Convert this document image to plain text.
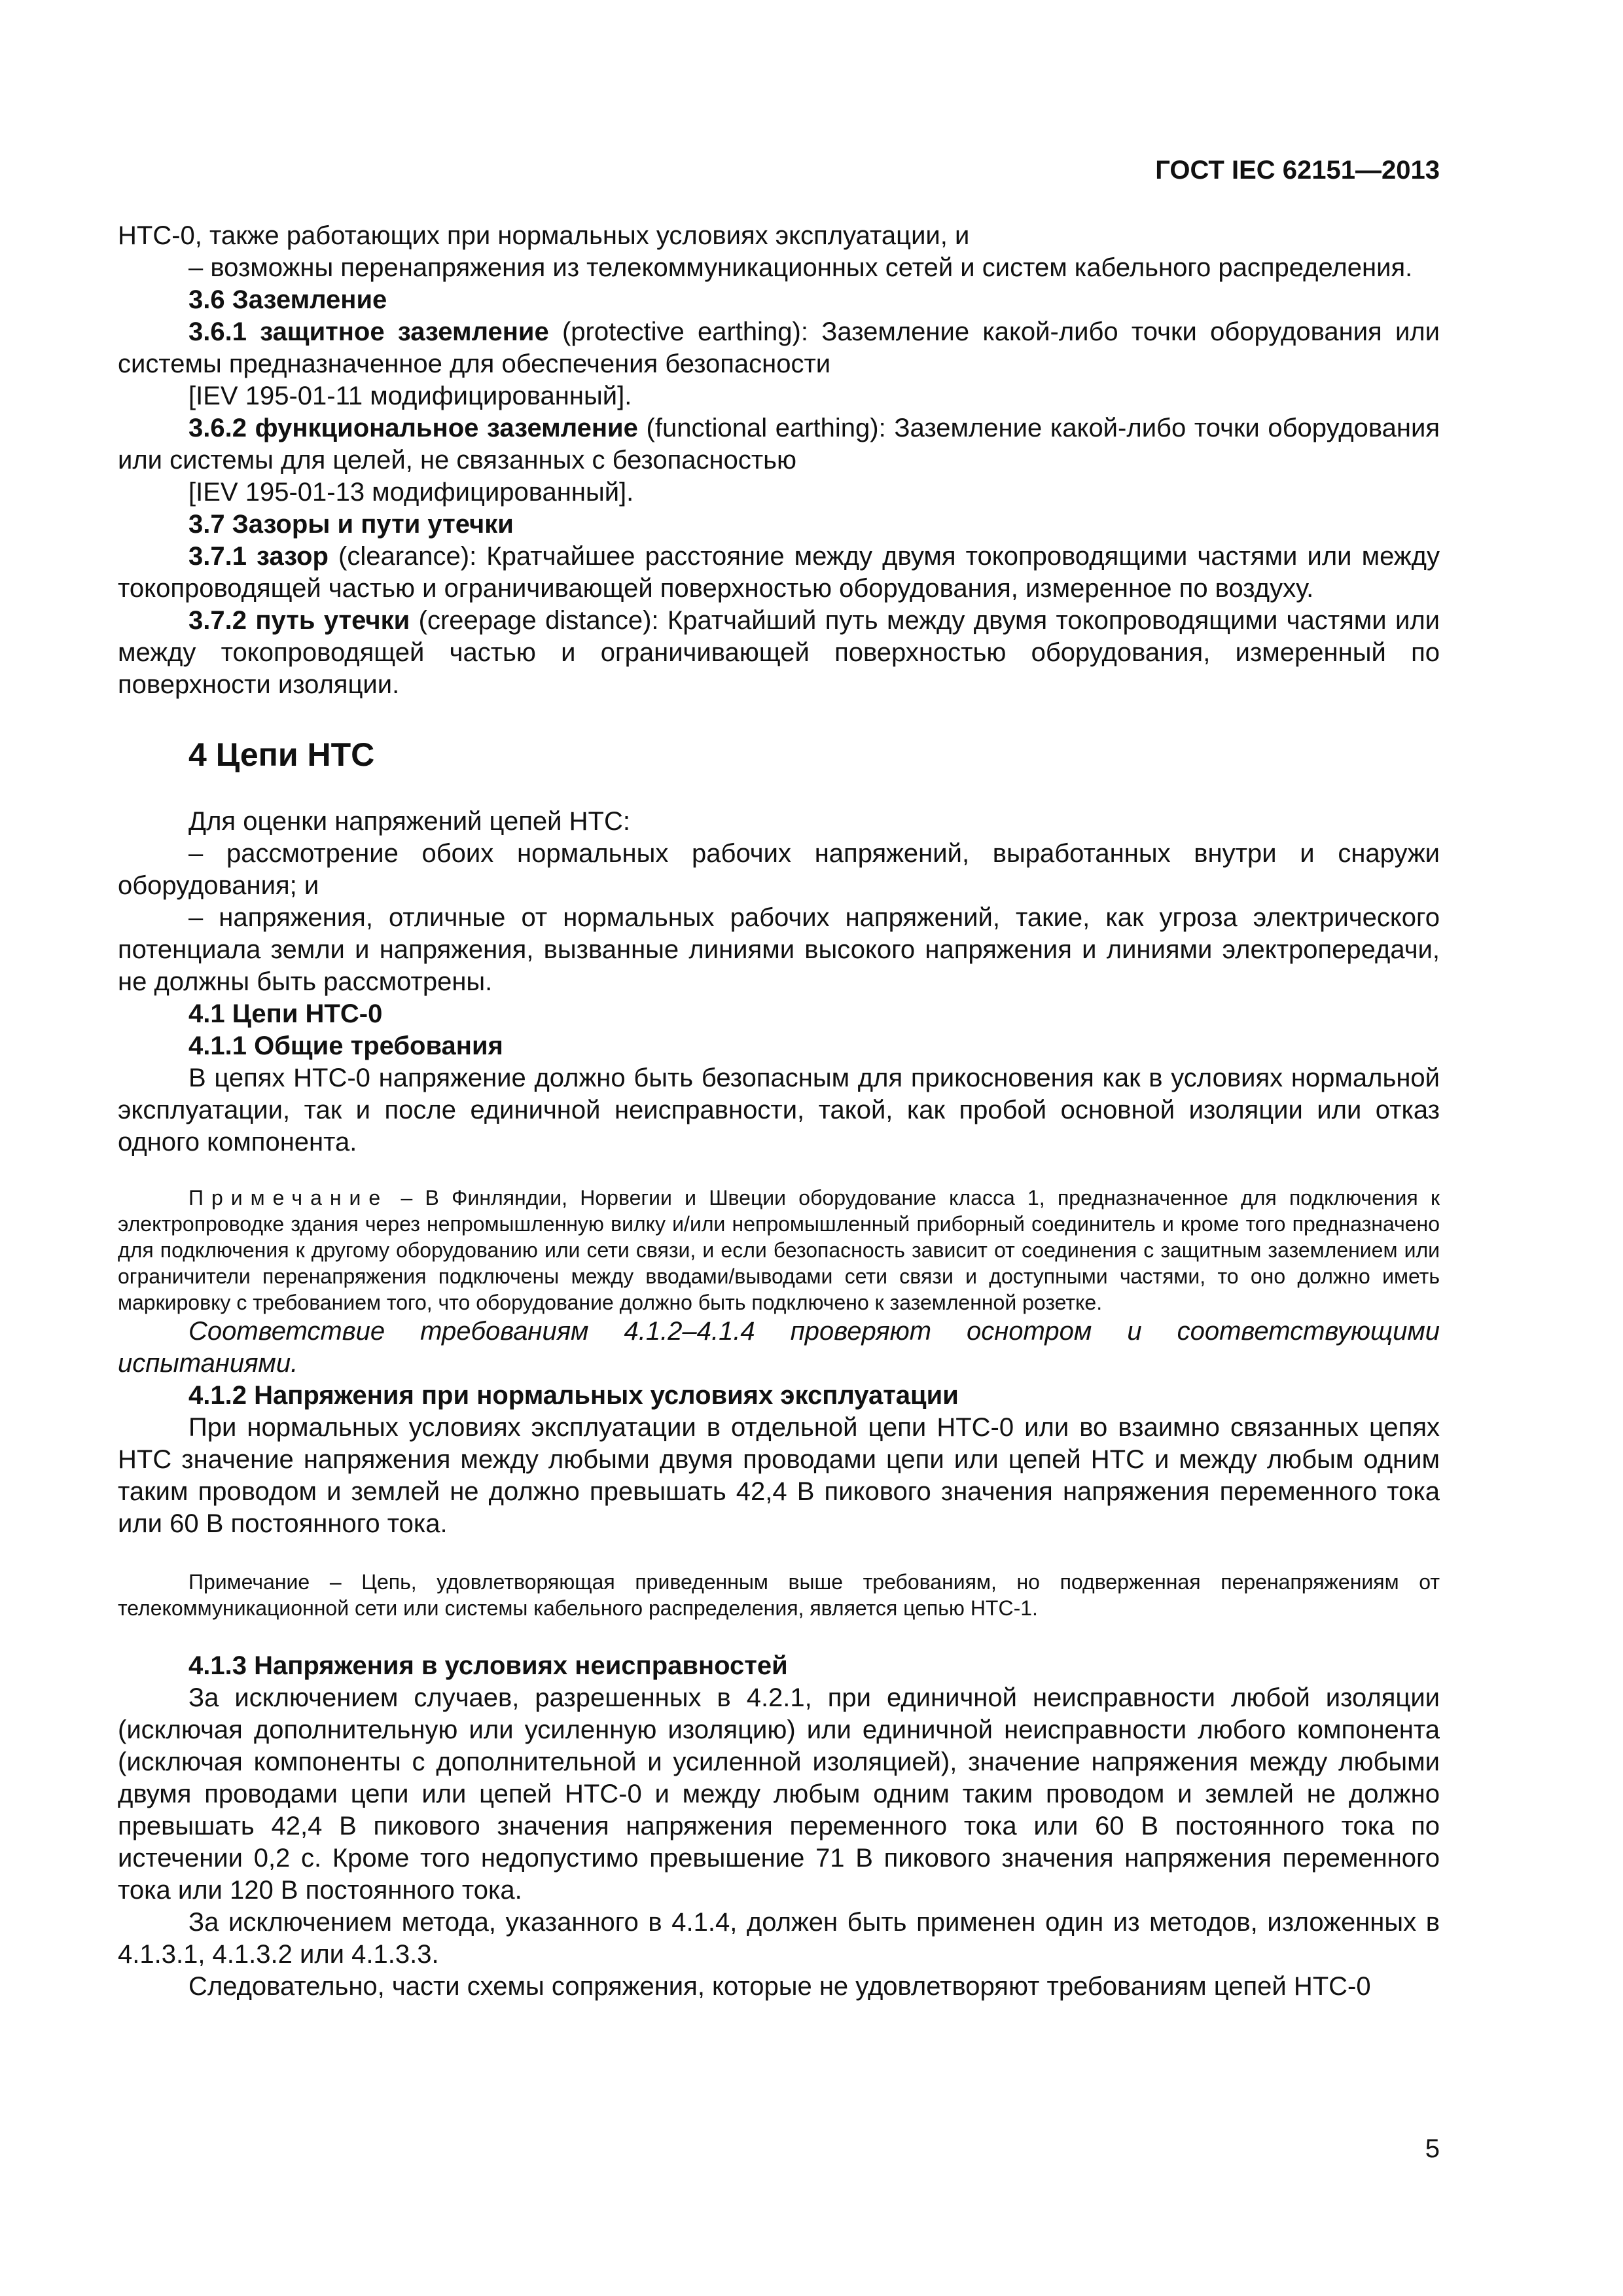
ГОСТ IEC 62151—2013

НТС-0, также работающих при нормальных условиях эксплуатации, и

– возможны перенапряжения из телекоммуникационных сетей и систем кабельного распределения.

3.6 Заземление

3.6.1 защитное заземление (protective earthing): Заземление какой-либо точки оборудования или системы предназначенное для обеспечения безопасности

[IEV 195-01-11 модифицированный].

3.6.2 функциональное заземление (functional earthing): Заземление какой-либо точки оборудования или системы для целей, не связанных с безопасностью

[IEV 195-01-13 модифицированный].

3.7 Зазоры и пути утечки

3.7.1 зазор (clearance): Кратчайшее расстояние между двумя токопроводящими частями или между токопроводящей частью и ограничивающей поверхностью оборудования, измеренное по воздуху.

3.7.2 путь утечки (creepage distance): Кратчайший путь между двумя токопроводящими частями или между токопроводящей частью и ограничивающей поверхностью оборудования, измеренный по поверхности изоляции.

4 Цепи НТС

Для оценки напряжений цепей НТС:

– рассмотрение обоих нормальных рабочих напряжений, выработанных внутри и снаружи оборудования; и

– напряжения, отличные от нормальных рабочих напряжений, такие, как угроза электрического потенциала земли и напряжения, вызванные линиями высокого напряжения и линиями электропередачи, не должны быть рассмотрены.

4.1 Цепи НТС-0

4.1.1 Общие требования

В цепях НТС-0 напряжение должно быть безопасным для прикосновения как в условиях нормальной эксплуатации, так и после единичной неисправности, такой, как пробой основной изоляции или отказ одного компонента.

Примечание – В Финляндии, Норвегии и Швеции оборудование класса 1, предназначенное для подключения к электропроводке здания через непромышленную вилку и/или непромышленный приборный соединитель и кроме того предназначено для подключения к другому оборудованию или сети связи, и если безопасность зависит от соединения с защитным заземлением или ограничители перенапряжения подключены между вводами/выводами сети связи и доступными частями, то оно должно иметь маркировку с требованием того, что оборудование должно быть подключено к заземленной розетке.

Соответствие требованиям 4.1.2–4.1.4 проверяют оснотром и соответствующими испытаниями.

4.1.2 Напряжения при нормальных условиях эксплуатации

При нормальных условиях эксплуатации в отдельной цепи НТС-0 или во взаимно связанных цепях НТС значение напряжения между любыми двумя проводами цепи или цепей НТС и между любым одним таким проводом и землей не должно превышать 42,4 В пикового значения напряжения переменного тока или 60 В постоянного тока.

Примечание – Цепь, удовлетворяющая приведенным выше требованиям, но подверженная перенапряжениям от телекоммуникационной сети или системы кабельного распределения, является цепью НТС-1.

4.1.3 Напряжения в условиях неисправностей

За исключением случаев, разрешенных в 4.2.1, при единичной неисправности любой изоляции (исключая дополнительную или усиленную изоляцию) или единичной неисправности любого компонента (исключая компоненты с дополнительной и усиленной изоляцией), значение напряжения между любыми двумя проводами цепи или цепей НТС-0 и между любым одним таким проводом и землей не должно превышать 42,4 В пикового значения напряжения переменного тока или 60 В постоянного тока по истечении 0,2 с. Кроме того недопустимо превышение 71 В пикового значения напряжения переменного тока или 120 В постоянного тока.

За исключением метода, указанного в 4.1.4, должен быть применен один из методов, изложенных в 4.1.3.1, 4.1.3.2 или 4.1.3.3.

Следовательно, части схемы сопряжения, которые не удовлетворяют требованиям цепей НТС-0

5
